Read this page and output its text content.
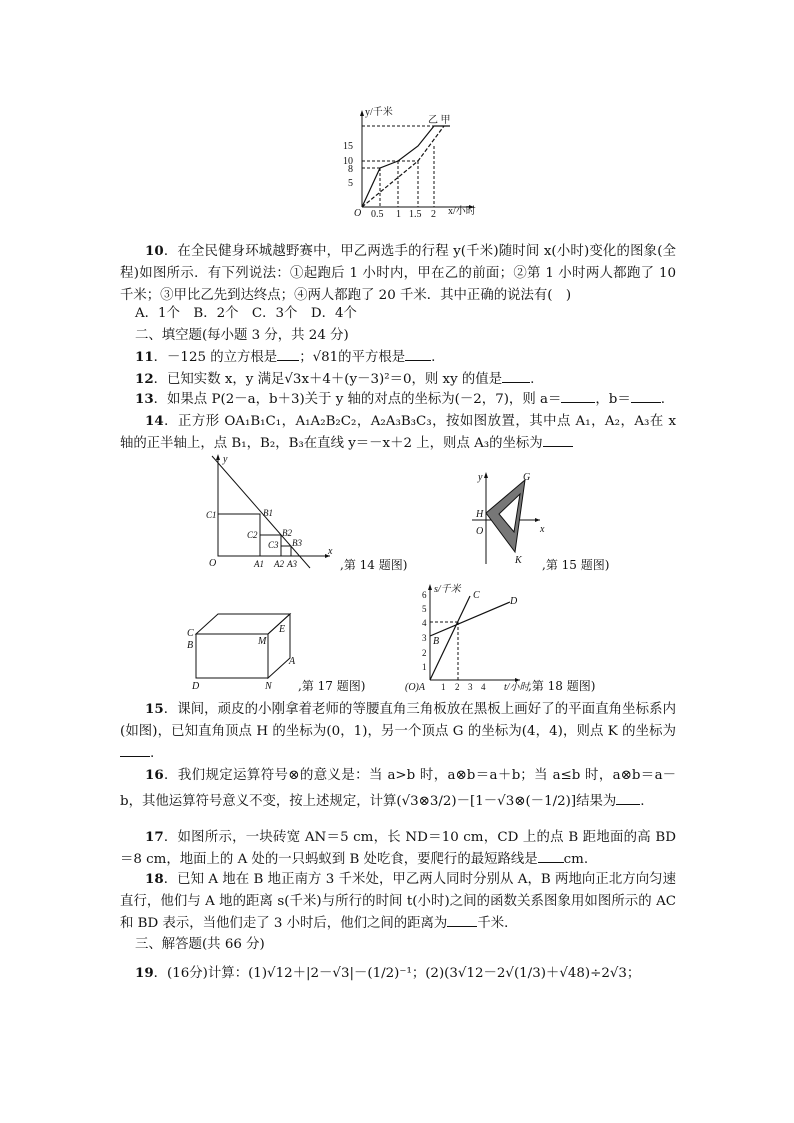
y/千米
x/小时
O
5
8
10
15
0.5 1 1.5 2
乙 甲
10．在全民健身环城越野赛中，甲乙两选手的行程 y(千米)随时间 x(小时)变化的图象(全程)如图所示．有下列说法：①起跑后 1 小时内，甲在乙的前面；②第 1 小时两人都跑了 10 千米；③甲比乙先到达终点；④两人都跑了 20 千米．其中正确的说法有(　)
A．1个　B．2个　C．3个　D．4个
二、填空题(每小题 3 分，共 24 分)
11．－125 的立方根是 ；√81的平方根是 .
12．已知实数 x，y 满足√3x＋4＋(y－3)²＝0，则 xy 的值是 .
13．如果点 P(2－a，b＋3)关于 y 轴的对点的坐标为(－2，7)，则 a＝	，b＝ .
14．正方形 OA₁B₁C₁，A₁A₂B₂C₂，A₂A₃B₃C₃，按如图放置，其中点 A₁，A₂，A₃在 x 轴的正半轴上，点 B₁，B₂，B₃在直线 y＝－x＋2 上，则点 A₃的坐标为
y
x
O
C1	B1
C2	B2
C3 B3
A1 A2 A3	,第 14 题图)
y
x
O
H
G
K ,第 15 题图)
C
B	M
E
A
D	N ,第 17 题图)
s/千米
t/小时
(O)A
1
2
3
4
5
6
1 2 3 4
C
D
B
,第 18 题图)
15．课间，顽皮的小刚拿着老师的等腰直角三角板放在黑板上画好了的平面直角坐标系内(如图)，已知直角顶点 H 的坐标为(0，1)，另一个顶点 G 的坐标为(4，4)，则点 K 的坐标为.
16．我们规定运算符号⊗的意义是：当 a>b 时，a⊗b＝a＋b；当 a≤b 时，a⊗b＝a－b，其他运算符号意义不变，按上述规定，计算(√3⊗3/2)－[1－√3⊗(－1/2)]结果为 .
17．如图所示，一块砖宽 AN＝5 cm，长 ND＝10 cm，CD 上的点 B 距地面的高 BD＝8 cm，地面上的 A 处的一只蚂蚁到 B 处吃食，要爬行的最短路线是 cm.
18．已知 A 地在 B 地正南方 3 千米处，甲乙两人同时分别从 A，B 两地向正北方向匀速直行，他们与 A 地的距离 s(千米)与所行的时间 t(小时)之间的函数关系图象用如图所示的 AC 和 BD 表示，当他们走了 3 小时后，他们之间的距离为 千米．
三、解答题(共 66 分)
19．(16分)计算：(1)√12＋|2－√3|－(1/2)⁻¹；(2)(3√12－2√(1/3)＋√48)÷2√3；
